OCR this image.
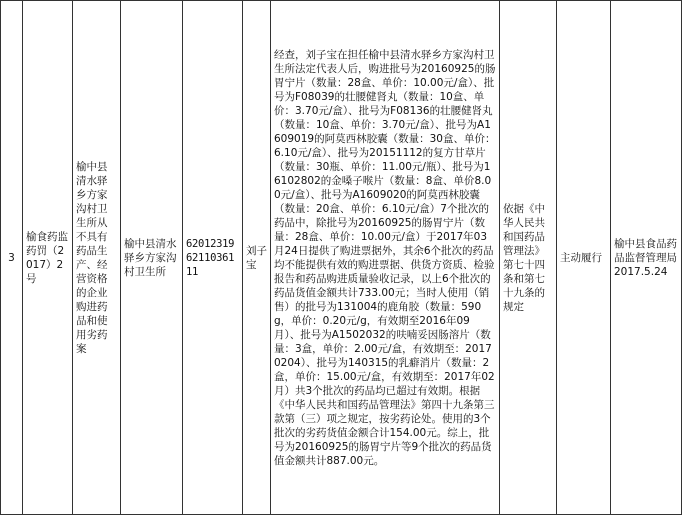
3	榆食药监药罚（2017）2号	榆中县清水驿乡方家沟村卫生所从不具有药品生产、经营资格的企业购进药品和使用劣药案	榆中县清水驿乡方家沟村卫生所	620123196211036111	刘子宝	经查，刘子宝在担任榆中县清水驿乡方家沟村卫生所法定代表人后，购进批号为20160925的肠胃宁片（数量：28盒、单价：10.00元/盒）、批号为F08039的壮腰健肾丸（数量：10盒、单价：3.70元/盒）、批号为F08136的壮腰健肾丸（数量：10盒、单价：3.70元/盒）、批号为A1609019的阿莫西林胶囊（数量：30盒、单价：6.10元/盒）、批号为20151112的复方甘草片（数量：30瓶、单价：11.00元/瓶）、批号为16102802的金嗓子喉片（数量：8盒、单价8.00元/盒）、批号为A1609020的阿莫西林胶囊（数量：20盒、单价：6.10元/盒）7个批次的药品中，除批号为20160925的肠胃宁片（数量：28盒、单价：10.00元/盒）于2017年03月24日提供了购进票据外，其余6个批次的药品均不能提供有效的购进票据、供货方资质、检验报告和药品购进质量验收记录，以上6个批次的药品货值金额共计733.00元；当时人使用（销售）的批号为131004的鹿角胶（数量：590g，单价：0.20元/g，有效期至2016年09月）、批号为A1502032的呋喃妥因肠溶片（数量：3盒，单价：2.00元/盒，有效期至：20170204）、批号为140315的乳癖消片（数量：2盒，单价：15.00元/盒，有效期至：2017年02月）共3个批次的药品均已超过有效期。根据《中华人民共和国药品管理法》第四十九条第三款第（三）项之规定，按劣药论处。使用的3个批次的劣药货值金额合计154.00元。综上，批号为20160925的肠胃宁片等9个批次的药品货值金额共计887.00元。	依据《中华人民共和国药品管理法》第七十四条和第七十九条的规定	主动履行	榆中县食品药品监督管理局2017.5.24
